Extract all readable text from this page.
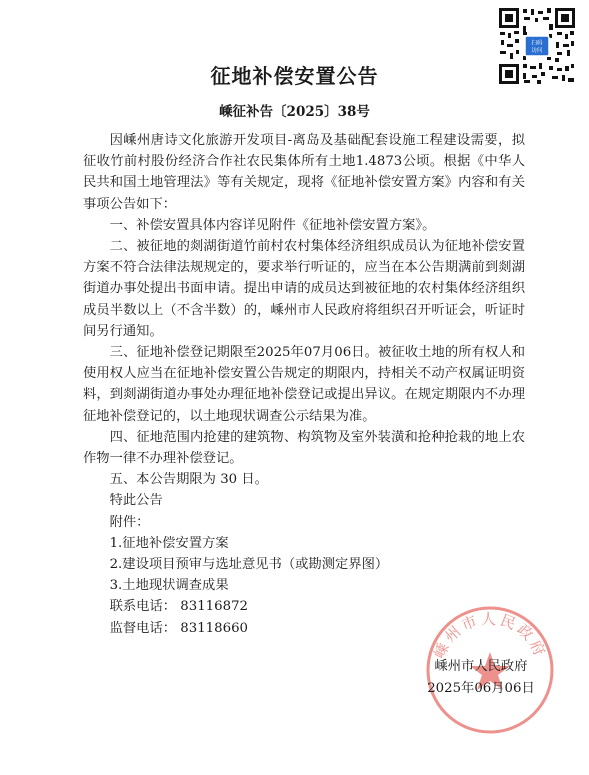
扫码
访问
征地补偿安置公告
嵊征补告〔2025〕38号

因嵊州唐诗文化旅游开发项目-离岛及基础配套设施工程建设需要，拟征收竹前村股份经济合作社农民集体所有土地1.4873公顷。根据《中华人民共和国土地管理法》等有关规定，现将《征地补偿安置方案》内容和有关事项公告如下：

一、补偿安置具体内容详见附件《征地补偿安置方案》。

二、被征地的剡湖街道竹前村农村集体经济组织成员认为征地补偿安置方案不符合法律法规规定的，要求举行听证的，应当在本公告期满前到剡湖街道办事处提出书面申请。提出申请的成员达到被征地的农村集体经济组织成员半数以上（不含半数）的，嵊州市人民政府将组织召开听证会，听证时间另行通知。

三、征地补偿登记期限至2025年07月06日。被征收土地的所有权人和使用权人应当在征地补偿安置公告规定的期限内，持相关不动产权属证明资料，到剡湖街道办事处办理征地补偿登记或提出异议。在规定期限内不办理征地补偿登记的，以土地现状调查公示结果为准。

四、征地范围内抢建的建筑物、构筑物及室外装潢和抢种抢栽的地上农作物一律不办理补偿登记。

五、本公告期限为 30 日。

特此公告

附件：

1.征地补偿安置方案

2.建设项目预审与选址意见书（或勘测定界图）

3.土地现状调查成果

联系电话： 83116872

监督电话： 83118660

嵊州市人民政府
嵊州市人民政府
2025年06月06日
